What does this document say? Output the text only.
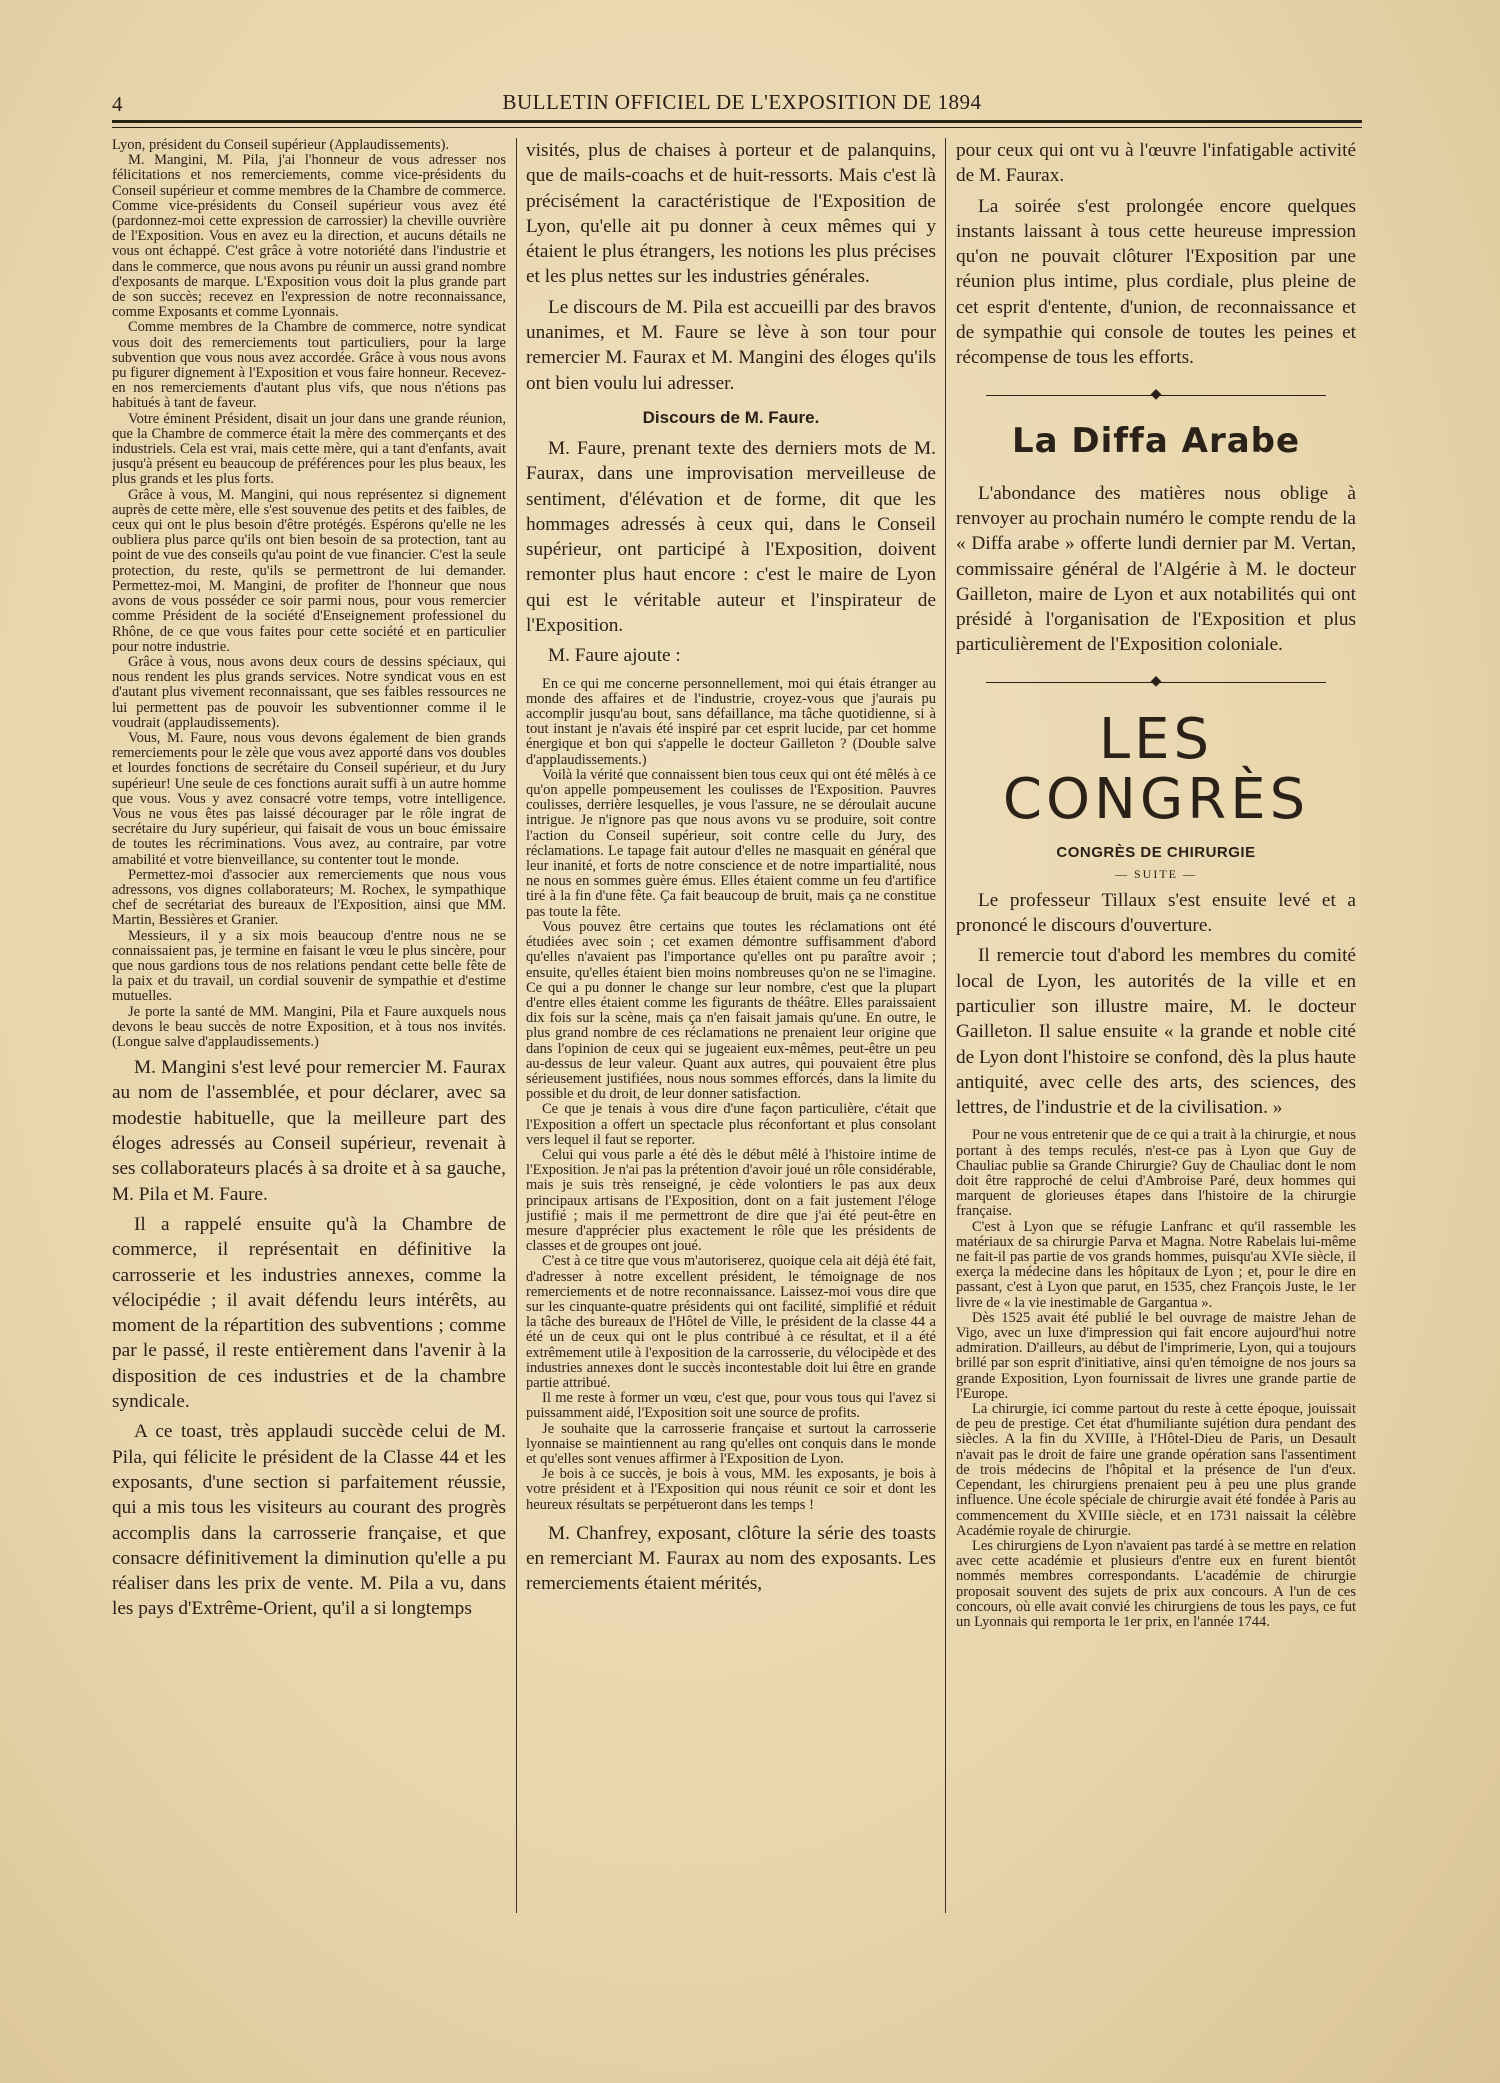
4	BULLETIN OFFICIEL DE L'EXPOSITION DE 1894

Lyon, président du Conseil supérieur (Applaudissements).

M. Mangini, M. Pila, j'ai l'honneur de vous adresser nos félicitations et nos remerciements, comme vice-présidents du Conseil supérieur et comme membres de la Chambre de commerce. Comme vice-présidents du Conseil supérieur vous avez été (pardonnez-moi cette expression de carrossier) la cheville ouvrière de l'Exposition. Vous en avez eu la direction, et aucuns détails ne vous ont échappé. C'est grâce à votre notoriété dans l'industrie et dans le commerce, que nous avons pu réunir un aussi grand nombre d'exposants de marque. L'Exposition vous doit la plus grande part de son succès; recevez en l'expression de notre reconnaissance, comme Exposants et comme Lyonnais.

Comme membres de la Chambre de commerce, notre syndicat vous doit des remerciements tout particuliers, pour la large subvention que vous nous avez accordée. Grâce à vous nous avons pu figurer dignement à l'Exposition et vous faire honneur. Recevez-en nos remerciements d'autant plus vifs, que nous n'étions pas habitués à tant de faveur.

Votre éminent Président, disait un jour dans une grande réunion, que la Chambre de commerce était la mère des commerçants et des industriels. Cela est vrai, mais cette mère, qui a tant d'enfants, avait jusqu'à présent eu beaucoup de préférences pour les plus beaux, les plus grands et les plus forts.

Grâce à vous, M. Mangini, qui nous représentez si dignement auprès de cette mère, elle s'est souvenue des petits et des faibles, de ceux qui ont le plus besoin d'être protégés. Espérons qu'elle ne les oubliera plus parce qu'ils ont bien besoin de sa protection, tant au point de vue des conseils qu'au point de vue financier. C'est la seule protection, du reste, qu'ils se permettront de lui demander. Permettez-moi, M. Mangini, de profiter de l'honneur que nous avons de vous posséder ce soir parmi nous, pour vous remercier comme Président de la société d'Enseignement professionel du Rhône, de ce que vous faites pour cette société et en particulier pour notre industrie.

Grâce à vous, nous avons deux cours de dessins spéciaux, qui nous rendent les plus grands services. Notre syndicat vous en est d'autant plus vivement reconnaissant, que ses faibles ressources ne lui permettent pas de pouvoir les subventionner comme il le voudrait (applaudissements).

Vous, M. Faure, nous vous devons également de bien grands remerciements pour le zèle que vous avez apporté dans vos doubles et lourdes fonctions de secrétaire du Conseil supérieur, et du Jury supérieur! Une seule de ces fonctions aurait suffi à un autre homme que vous. Vous y avez consacré votre temps, votre intelligence. Vous ne vous êtes pas laissé décourager par le rôle ingrat de secrétaire du Jury supérieur, qui faisait de vous un bouc émissaire de toutes les récriminations. Vous avez, au contraire, par votre amabilité et votre bienveillance, su contenter tout le monde.

Permettez-moi d'associer aux remerciements que nous vous adressons, vos dignes collaborateurs; M. Rochex, le sympathique chef de secrétariat des bureaux de l'Exposition, ainsi que MM. Martin, Bessières et Granier.

Messieurs, il y a six mois beaucoup d'entre nous ne se connaissaient pas, je termine en faisant le vœu le plus sincère, pour que nous gardions tous de nos relations pendant cette belle fête de la paix et du travail, un cordial souvenir de sympathie et d'estime mutuelles.

Je porte la santé de MM. Mangini, Pila et Faure auxquels nous devons le beau succès de notre Exposition, et à tous nos invités. (Longue salve d'applaudissements.)

M. Mangini s'est levé pour remercier M. Faurax au nom de l'assemblée, et pour déclarer, avec sa modestie habituelle, que la meilleure part des éloges adressés au Conseil supérieur, revenait à ses collaborateurs placés à sa droite et à sa gauche, M. Pila et M. Faure.

Il a rappelé ensuite qu'à la Chambre de commerce, il représentait en définitive la carrosserie et les industries annexes, comme la vélocipédie ; il avait défendu leurs intérêts, au moment de la répartition des subventions ; comme par le passé, il reste entièrement dans l'avenir à la disposition de ces industries et de la chambre syndicale.

A ce toast, très applaudi succède celui de M. Pila, qui félicite le président de la Classe 44 et les exposants, d'une section si parfaitement réussie, qui a mis tous les visiteurs au courant des progrès accomplis dans la carrosserie française, et que consacre définitivement la diminution qu'elle a pu réaliser dans les prix de vente. M. Pila a vu, dans les pays d'Extrême-Orient, qu'il a si longtemps

visités, plus de chaises à porteur et de palanquins, que de mails-coachs et de huit-ressorts. Mais c'est là précisément la caractéristique de l'Exposition de Lyon, qu'elle ait pu donner à ceux mêmes qui y étaient le plus étrangers, les notions les plus précises et les plus nettes sur les industries générales.

Le discours de M. Pila est accueilli par des bravos unanimes, et M. Faure se lève à son tour pour remercier M. Faurax et M. Mangini des éloges qu'ils ont bien voulu lui adresser.

Discours de M. Faure.

M. Faure, prenant texte des derniers mots de M. Faurax, dans une improvisation merveilleuse de sentiment, d'élévation et de forme, dit que les hommages adressés à ceux qui, dans le Conseil supérieur, ont participé à l'Exposition, doivent remonter plus haut encore : c'est le maire de Lyon qui est le véritable auteur et l'inspirateur de l'Exposition.

M. Faure ajoute :

En ce qui me concerne personnellement, moi qui étais étranger au monde des affaires et de l'industrie, croyez-vous que j'aurais pu accomplir jusqu'au bout, sans défaillance, ma tâche quotidienne, si à tout instant je n'avais été inspiré par cet esprit lucide, par cet homme énergique et bon qui s'appelle le docteur Gailleton ? (Double salve d'applaudissements.)

Voilà la vérité que connaissent bien tous ceux qui ont été mêlés à ce qu'on appelle pompeusement les coulisses de l'Exposition. Pauvres coulisses, derrière lesquelles, je vous l'assure, ne se déroulait aucune intrigue. Je n'ignore pas que nous avons vu se produire, soit contre l'action du Conseil supérieur, soit contre celle du Jury, des réclamations. Le tapage fait autour d'elles ne masquait en général que leur inanité, et forts de notre conscience et de notre impartialité, nous ne nous en sommes guère émus. Elles étaient comme un feu d'artifice tiré à la fin d'une fête. Ça fait beaucoup de bruit, mais ça ne constitue pas toute la fête.

Vous pouvez être certains que toutes les réclamations ont été étudiées avec soin ; cet examen démontre suffisamment d'abord qu'elles n'avaient pas l'importance qu'elles ont pu paraître avoir ; ensuite, qu'elles étaient bien moins nombreuses qu'on ne se l'imagine. Ce qui a pu donner le change sur leur nombre, c'est que la plupart d'entre elles étaient comme les figurants de théâtre. Elles paraissaient dix fois sur la scène, mais ça n'en faisait jamais qu'une. En outre, le plus grand nombre de ces réclamations ne prenaient leur origine que dans l'opinion de ceux qui se jugeaient eux-mêmes, peut-être un peu au-dessus de leur valeur. Quant aux autres, qui pouvaient être plus sérieusement justifiées, nous nous sommes efforcés, dans la limite du possible et du droit, de leur donner satisfaction.

Ce que je tenais à vous dire d'une façon particulière, c'était que l'Exposition a offert un spectacle plus réconfortant et plus consolant vers lequel il faut se reporter.

Celui qui vous parle a été dès le début mêlé à l'histoire intime de l'Exposition. Je n'ai pas la prétention d'avoir joué un rôle considérable, mais je suis très renseigné, je cède volontiers le pas aux deux principaux artisans de l'Exposition, dont on a fait justement l'éloge justifié ; mais il me permettront de dire que j'ai été peut-être en mesure d'apprécier plus exactement le rôle que les présidents de classes et de groupes ont joué.

C'est à ce titre que vous m'autoriserez, quoique cela ait déjà été fait, d'adresser à notre excellent président, le témoignage de nos remerciements et de notre reconnaissance. Laissez-moi vous dire que sur les cinquante-quatre présidents qui ont facilité, simplifié et réduit la tâche des bureaux de l'Hôtel de Ville, le président de la classe 44 a été un de ceux qui ont le plus contribué à ce résultat, et il a été extrêmement utile à l'exposition de la carrosserie, du vélocipède et des industries annexes dont le succès incontestable doit lui être en grande partie attribué.

Il me reste à former un vœu, c'est que, pour vous tous qui l'avez si puissamment aidé, l'Exposition soit une source de profits.

Je souhaite que la carrosserie française et surtout la carrosserie lyonnaise se maintiennent au rang qu'elles ont conquis dans le monde et qu'elles sont venues affirmer à l'Exposition de Lyon.

Je bois à ce succès, je bois à vous, MM. les exposants, je bois à votre président et à l'Exposition qui nous réunit ce soir et dont les heureux résultats se perpétueront dans les temps !

M. Chanfrey, exposant, clôture la série des toasts en remerciant M. Faurax au nom des exposants. Les remerciements étaient mérités,

pour ceux qui ont vu à l'œuvre l'infatigable activité de M. Faurax.

La soirée s'est prolongée encore quelques instants laissant à tous cette heureuse impression qu'on ne pouvait clôturer l'Exposition par une réunion plus intime, plus cordiale, plus pleine de cet esprit d'entente, d'union, de reconnaissance et de sympathie qui console de toutes les peines et récompense de tous les efforts.

◆
La Diffa Arabe

L'abondance des matières nous oblige à renvoyer au prochain numéro le compte rendu de la « Diffa arabe » offerte lundi dernier par M. Vertan, commissaire général de l'Algérie à M. le docteur Gailleton, maire de Lyon et aux notabilités qui ont présidé à l'organisation de l'Exposition et plus particulièrement de l'Exposition coloniale.

◆
LES CONGRÈS
CONGRÈS DE CHIRURGIE
— SUITE —

Le professeur Tillaux s'est ensuite levé et a prononcé le discours d'ouverture.

Il remercie tout d'abord les membres du comité local de Lyon, les autorités de la ville et en particulier son illustre maire, M. le docteur Gailleton. Il salue ensuite « la grande et noble cité de Lyon dont l'histoire se confond, dès la plus haute antiquité, avec celle des arts, des sciences, des lettres, de l'industrie et de la civilisation. »

Pour ne vous entretenir que de ce qui a trait à la chirurgie, et nous portant à des temps reculés, n'est-ce pas à Lyon que Guy de Chauliac publie sa Grande Chirurgie? Guy de Chauliac dont le nom doit être rapproché de celui d'Ambroise Paré, deux hommes qui marquent de glorieuses étapes dans l'histoire de la chirurgie française.

C'est à Lyon que se réfugie Lanfranc et qu'il rassemble les matériaux de sa chirurgie Parva et Magna. Notre Rabelais lui-même ne fait-il pas partie de vos grands hommes, puisqu'au XVIe siècle, il exerça la médecine dans les hôpitaux de Lyon ; et, pour le dire en passant, c'est à Lyon que parut, en 1535, chez François Juste, le 1er livre de « la vie inestimable de Gargantua ».

Dès 1525 avait été publié le bel ouvrage de maistre Jehan de Vigo, avec un luxe d'impression qui fait encore aujourd'hui notre admiration. D'ailleurs, au début de l'imprimerie, Lyon, qui a toujours brillé par son esprit d'initiative, ainsi qu'en témoigne de nos jours sa grande Exposition, Lyon fournissait de livres une grande partie de l'Europe.

La chirurgie, ici comme partout du reste à cette époque, jouissait de peu de prestige. Cet état d'humiliante sujétion dura pendant des siècles. A la fin du XVIIIe, à l'Hôtel-Dieu de Paris, un Desault n'avait pas le droit de faire une grande opération sans l'assentiment de trois médecins de l'hôpital et la présence de l'un d'eux. Cependant, les chirurgiens prenaient peu à peu une plus grande influence. Une école spéciale de chirurgie avait été fondée à Paris au commencement du XVIIIe siècle, et en 1731 naissait la célèbre Académie royale de chirurgie.

Les chirurgiens de Lyon n'avaient pas tardé à se mettre en relation avec cette académie et plusieurs d'entre eux en furent bientôt nommés membres correspondants. L'académie de chirurgie proposait souvent des sujets de prix aux concours. A l'un de ces concours, où elle avait convié les chirurgiens de tous les pays, ce fut un Lyonnais qui remporta le 1er prix, en l'année 1744.
